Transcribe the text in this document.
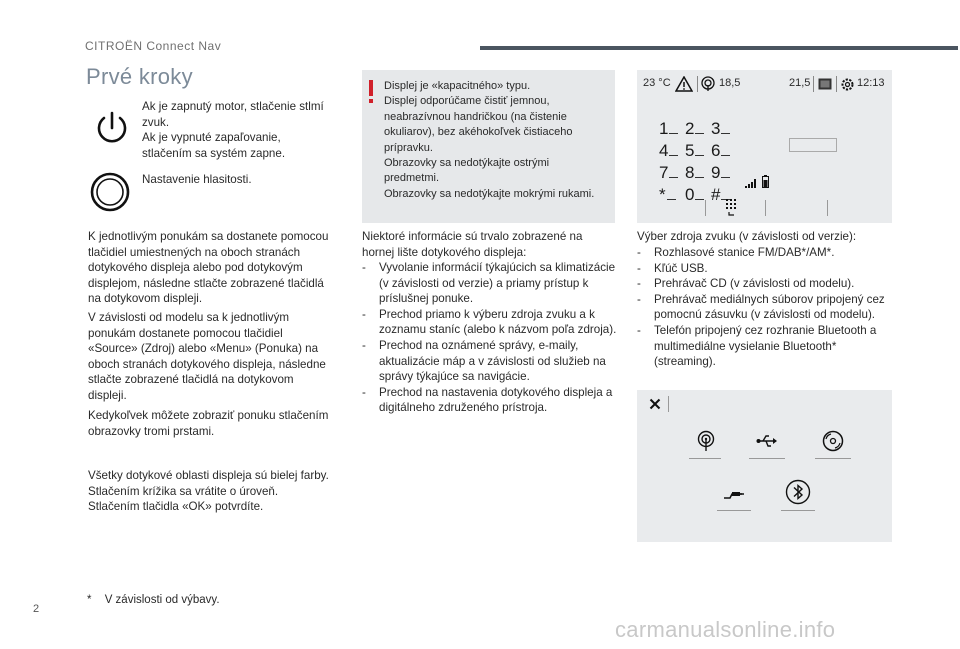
CITROËN Connect Nav
Prvé kroky
Ak je zapnutý motor, stlačenie stlmí
zvuk.
Ak je vypnuté zapaľovanie,
stlačením sa systém zapne.
Nastavenie hlasitosti.
K jednotlivým ponukám sa dostanete pomocou
tlačidiel umiestnených na oboch stranách
dotykového displeja alebo pod dotykovým
displejom, následne stlačte zobrazené tlačidlá
na dotykovom displeji.
V závislosti od modelu sa k jednotlivým
ponukám dostanete pomocou tlačidiel
«Source» (Zdroj) alebo «Menu» (Ponuka) na
oboch stranách dotykového displeja, následne
stlačte zobrazené tlačidlá na dotykovom
displeji.
Kedykoľvek môžete zobraziť ponuku stlačením
obrazovky tromi prstami.
Všetky dotykové oblasti displeja sú bielej farby.
Stlačením krížika sa vrátite o úroveň.
Stlačením tlačidla «OK» potvrdíte.
* V závislosti od výbavy.
2
Displej je «kapacitného» typu.
Displej odporúčame čistiť jemnou,
neabrazívnou handričkou (na čistenie
okuliarov), bez akéhokoľvek čistiaceho
prípravku.
Obrazovky sa nedotýkajte ostrými
predmetmi.
Obrazovky sa nedotýkajte mokrými rukami.
Niektoré informácie sú trvalo zobrazené na
hornej lište dotykového displeja:
- Vyvolanie informácií týkajúcich sa klimatizácie (v závislosti od verzie) a priamy prístup k príslušnej ponuke.
- Prechod priamo k výberu zdroja zvuku a k zoznamu staníc (alebo k názvom poľa zdroja).
- Prechod na oznámené správy, e-maily, aktualizácie máp a v závislosti od služieb na správy týkajúce sa navigácie.
- Prechod na nastavenia dotykového displeja a digitálneho združeného prístroja.
23 °C	18,5	21,5	12:13
1 2 3
4 5 6
7 8 9
* 0 #
Výber zdroja zvuku (v závislosti od verzie):
- Rozhlasové stanice FM/DAB*/AM*.
- Kľúč USB.
- Prehrávač CD (v závislosti od modelu).
- Prehrávač mediálnych súborov pripojený cez pomocnú zásuvku (v závislosti od modelu).
- Telefón pripojený cez rozhranie Bluetooth a multimediálne vysielanie Bluetooth* (streaming).
carmanualsonline.info
